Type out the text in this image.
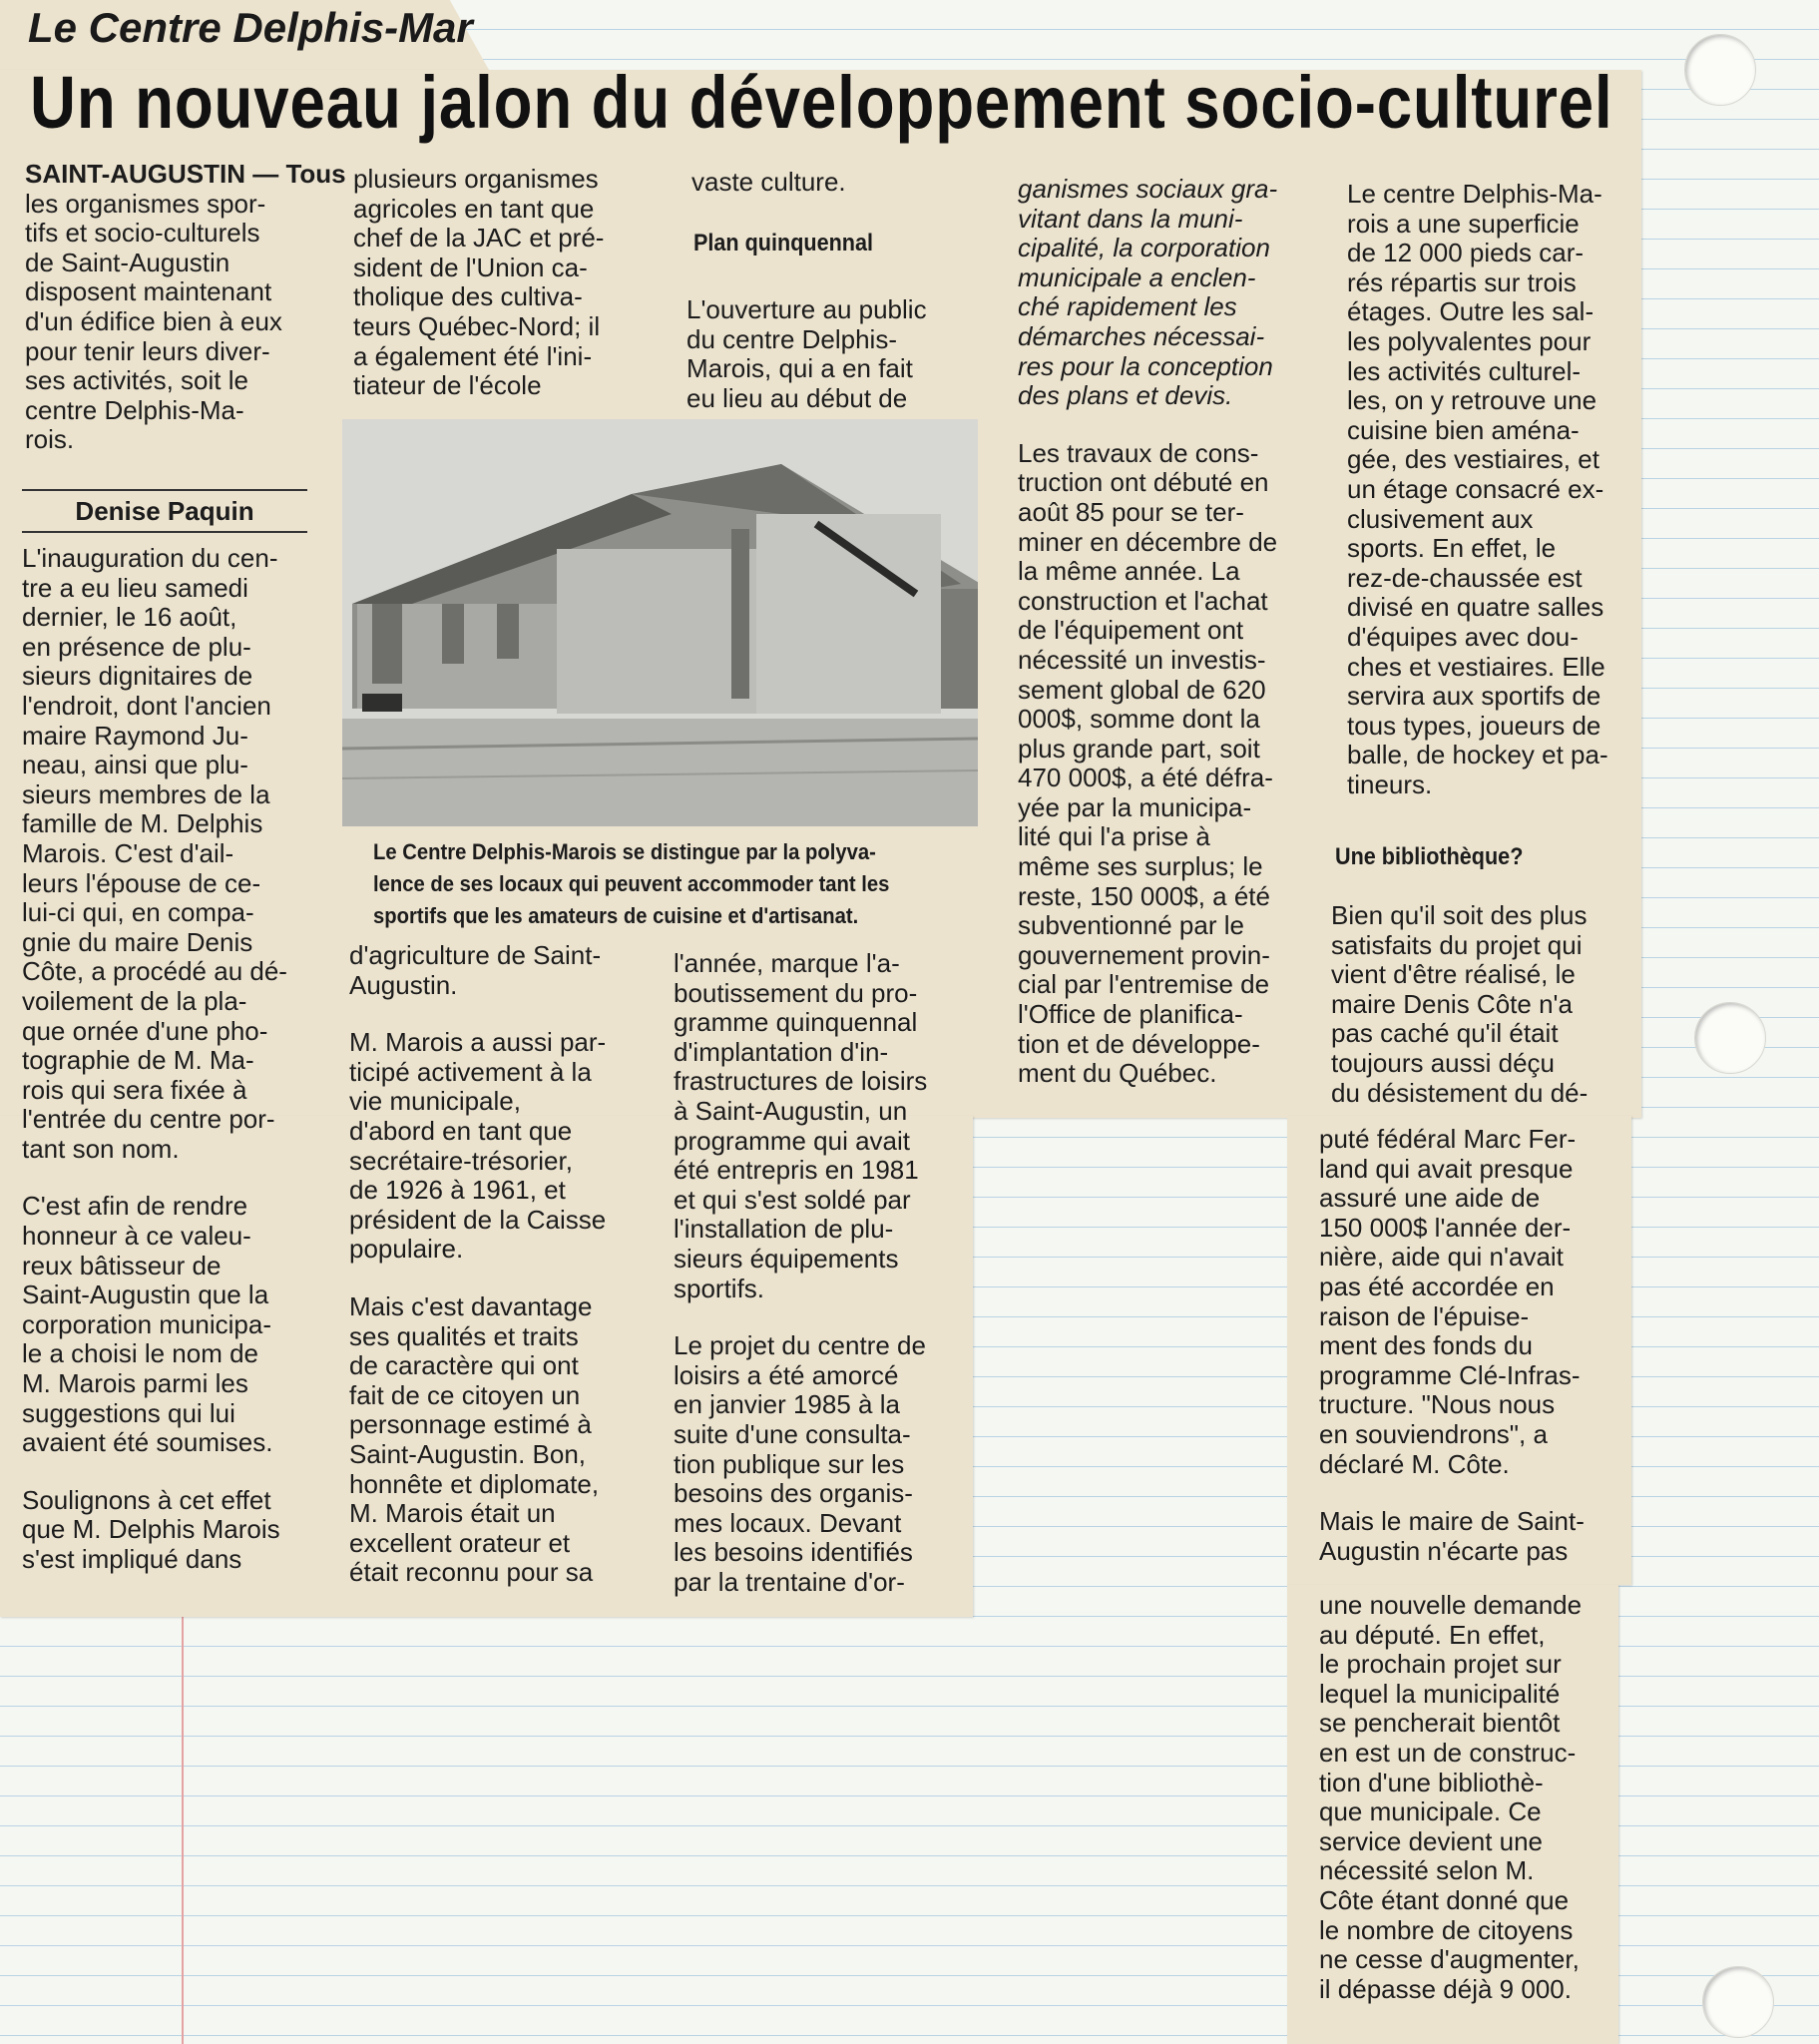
Le Centre Delphis-Mar
Un nouveau jalon du développement socio-culturel
SAINT-AUGUSTIN — Tous
les organismes spor-
tifs et socio-culturels
de Saint-Augustin
disposent maintenant
d'un édifice bien à eux
pour tenir leurs diver-
ses activités, soit le
centre Delphis-Ma-
rois.
Denise Paquin

L'inauguration du cen-
tre a eu lieu samedi
dernier, le 16 août,
en présence de plu-
sieurs dignitaires de
l'endroit, dont l'ancien
maire Raymond Ju-
neau, ainsi que plu-
sieurs membres de la
famille de M. Delphis
Marois. C'est d'ail-
leurs l'épouse de ce-
lui-ci qui, en compa-
gnie du maire Denis
Côte, a procédé au dé-
voilement de la pla-
que ornée d'une pho-
tographie de M. Ma-
rois qui sera fixée à
l'entrée du centre por-
tant son nom.

C'est afin de rendre
honneur à ce valeu-
reux bâtisseur de
Saint-Augustin que la
corporation municipa-
le a choisi le nom de
M. Marois parmi les
suggestions qui lui
avaient été soumises.

Soulignons à cet effet
que M. Delphis Marois
s'est impliqué dans

plusieurs organismes
agricoles en tant que
chef de la JAC et pré-
sident de l'Union ca-
tholique des cultiva-
teurs Québec-Nord; il
a également été l'ini-
tiateur de l'école
vaste culture.
Plan quinquennal
L'ouverture au public
du centre Delphis-
Marois, qui a en fait
eu lieu au début de
Le Centre Delphis-Marois se distingue par la polyva-
lence de ses locaux qui peuvent accommoder tant les
sportifs que les amateurs de cuisine et d'artisanat.

d'agriculture de Saint-
Augustin.

M. Marois a aussi par-
ticipé activement à la
vie municipale,
d'abord en tant que
secrétaire-trésorier,
de 1926 à 1961, et
président de la Caisse
populaire.

Mais c'est davantage
ses qualités et traits
de caractère qui ont
fait de ce citoyen un
personnage estimé à
Saint-Augustin. Bon,
honnête et diplomate,
M. Marois était un
excellent orateur et
était reconnu pour sa

l'année, marque l'a-
boutissement du pro-
gramme quinquennal
d'implantation d'in-
frastructures de loisirs
à Saint-Augustin, un
programme qui avait
été entrepris en 1981
et qui s'est soldé par
l'installation de plu-
sieurs équipements
sportifs.

Le projet du centre de
loisirs a été amorcé
en janvier 1985 à la
suite d'une consulta-
tion publique sur les
besoins des organis-
mes locaux. Devant
les besoins identifiés
par la trentaine d'or-

ganismes sociaux gra-
vitant dans la muni-
cipalité, la corporation
municipale a enclen-
ché rapidement les
démarches nécessai-
res pour la conception
des plans et devis.

Les travaux de cons-
truction ont débuté en
août 85 pour se ter-
miner en décembre de
la même année. La
construction et l'achat
de l'équipement ont
nécessité un investis-
sement global de 620
000$, somme dont la
plus grande part, soit
470 000$, a été défra-
yée par la municipa-
lité qui l'a prise à
même ses surplus; le
reste, 150 000$, a été
subventionné par le
gouvernement provin-
cial par l'entremise de
l'Office de planifica-
tion et de développe-
ment du Québec.

Le centre Delphis-Ma-
rois a une superficie
de 12 000 pieds car-
rés répartis sur trois
étages. Outre les sal-
les polyvalentes pour
les activités culturel-
les, on y retrouve une
cuisine bien aména-
gée, des vestiaires, et
un étage consacré ex-
clusivement aux
sports. En effet, le
rez-de-chaussée est
divisé en quatre salles
d'équipes avec dou-
ches et vestiaires. Elle
servira aux sportifs de
tous types, joueurs de
balle, de hockey et pa-
tineurs.
Une bibliothèque?
Bien qu'il soit des plus
satisfaits du projet qui
vient d'être réalisé, le
maire Denis Côte n'a
pas caché qu'il était
toujours aussi déçu
du désistement du dé-

puté fédéral Marc Fer-
land qui avait presque
assuré une aide de
150 000$ l'année der-
nière, aide qui n'avait
pas été accordée en
raison de l'épuise-
ment des fonds du
programme Clé-Infras-
tructure. "Nous nous
en souviendrons", a
déclaré M. Côte.

Mais le maire de Saint-
Augustin n'écarte pas

une nouvelle demande
au député. En effet,
le prochain projet sur
lequel la municipalité
se pencherait bientôt
en est un de construc-
tion d'une bibliothè-
que municipale. Ce
service devient une
nécessité selon M.
Côte étant donné que
le nombre de citoyens
ne cesse d'augmenter,
il dépasse déjà 9 000.
